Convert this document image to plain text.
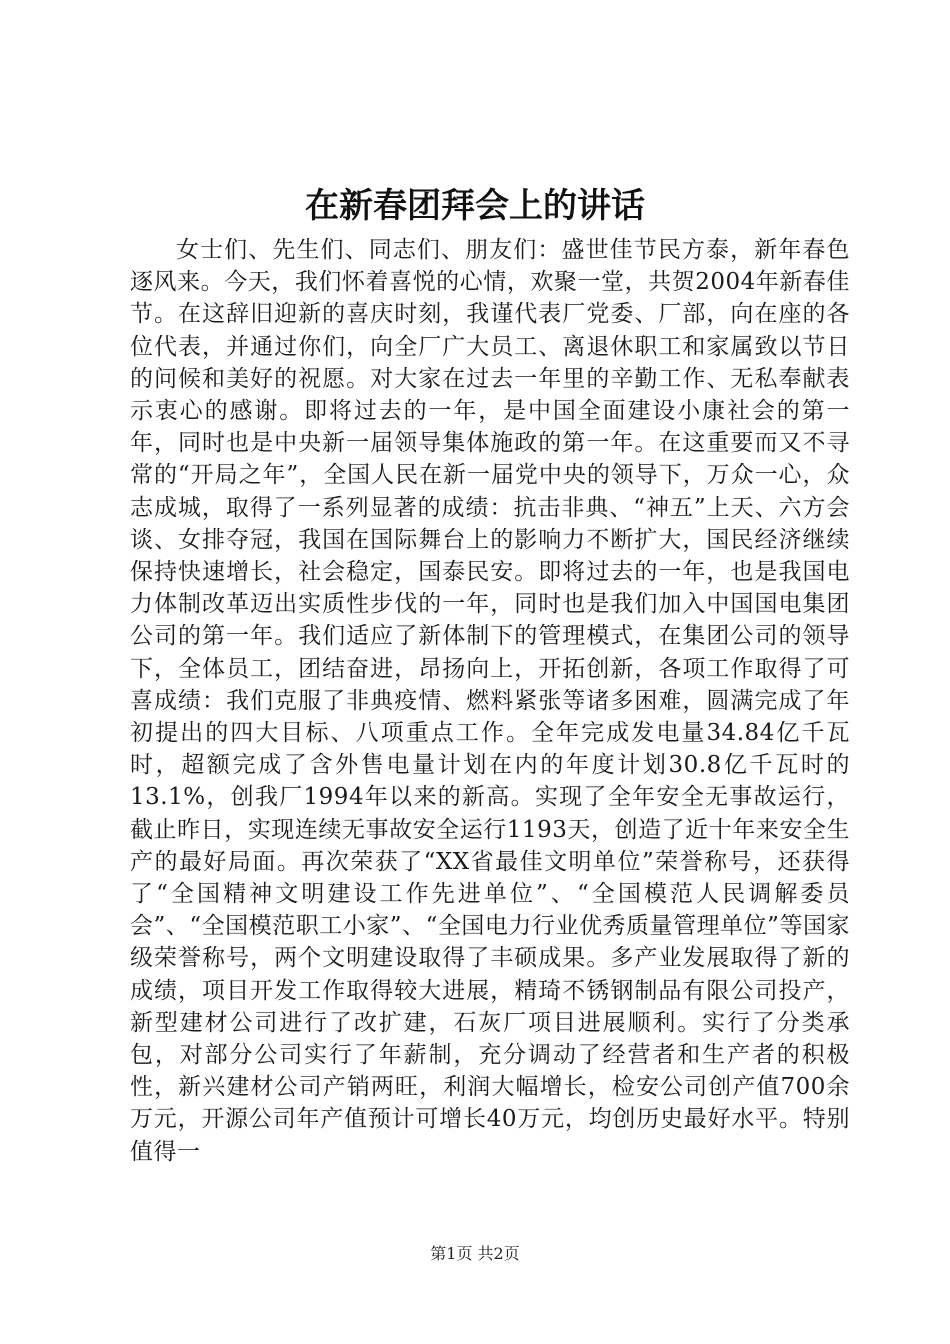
在新春团拜会上的讲话

女士们、先生们、同志们、朋友们：盛世佳节民方泰，新年春色逐风来。今天，我们怀着喜悦的心情，欢聚一堂，共贺2004年新春佳节。在这辞旧迎新的喜庆时刻，我谨代表厂党委、厂部，向在座的各位代表，并通过你们，向全厂广大员工、离退休职工和家属致以节日的问候和美好的祝愿。对大家在过去一年里的辛勤工作、无私奉献表示衷心的感谢。即将过去的一年，是中国全面建设小康社会的第一年，同时也是中央新一届领导集体施政的第一年。在这重要而又不寻常的“开局之年”，全国人民在新一届党中央的领导下，万众一心，众志成城，取得了一系列显著的成绩：抗击非典、“神五”上天、六方会谈、女排夺冠，我国在国际舞台上的影响力不断扩大，国民经济继续保持快速增长，社会稳定，国泰民安。即将过去的一年，也是我国电力体制改革迈出实质性步伐的一年，同时也是我们加入中国国电集团公司的第一年。我们适应了新体制下的管理模式，在集团公司的领导下，全体员工，团结奋进，昂扬向上，开拓创新，各项工作取得了可喜成绩：我们克服了非典疫情、燃料紧张等诸多困难，圆满完成了年初提出的四大目标、八项重点工作。全年完成发电量34.84亿千瓦时，超额完成了含外售电量计划在内的年度计划30.8亿千瓦时的13.1%，创我厂1994年以来的新高。实现了全年安全无事故运行，截止昨日，实现连续无事故安全运行1193天，创造了近十年来安全生产的最好局面。再次荣获了“XX省最佳文明单位”荣誉称号，还获得了“全国精神文明建设工作先进单位”、“全国模范人民调解委员会”、“全国模范职工小家”、“全国电力行业优秀质量管理单位”等国家级荣誉称号，两个文明建设取得了丰硕成果。多产业发展取得了新的成绩，项目开发工作取得较大进展，精琦不锈钢制品有限公司投产，新型建材公司进行了改扩建，石灰厂项目进展顺利。实行了分类承包，对部分公司实行了年薪制，充分调动了经营者和生产者的积极性，新兴建材公司产销两旺，利润大幅增长，检安公司创产值700余万元，开源公司年产值预计可增长40万元，均创历史最好水平。特别值得一

第1页 共2页
